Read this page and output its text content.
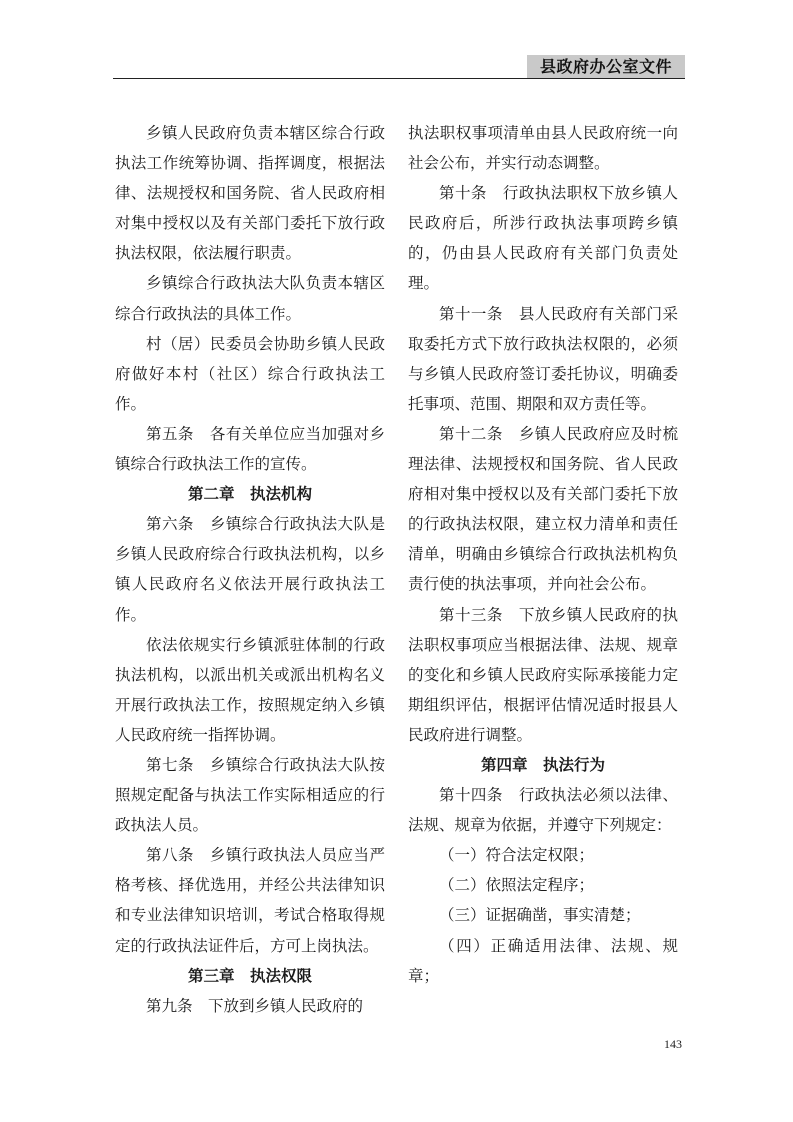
县政府办公室文件

乡镇人民政府负责本辖区综合行政执法工作统筹协调、指挥调度，根据法律、法规授权和国务院、省人民政府相对集中授权以及有关部门委托下放行政执法权限，依法履行职责。

乡镇综合行政执法大队负责本辖区综合行政执法的具体工作。

村（居）民委员会协助乡镇人民政府做好本村（社区）综合行政执法工作。

第五条　各有关单位应当加强对乡镇综合行政执法工作的宣传。

第二章　执法机构

第六条　乡镇综合行政执法大队是乡镇人民政府综合行政执法机构，以乡镇人民政府名义依法开展行政执法工作。

依法依规实行乡镇派驻体制的行政执法机构，以派出机关或派出机构名义开展行政执法工作，按照规定纳入乡镇人民政府统一指挥协调。

第七条　乡镇综合行政执法大队按照规定配备与执法工作实际相适应的行政执法人员。

第八条　乡镇行政执法人员应当严格考核、择优选用，并经公共法律知识和专业法律知识培训，考试合格取得规定的行政执法证件后，方可上岗执法。

第三章　执法权限

第九条　下放到乡镇人民政府的

执法职权事项清单由县人民政府统一向社会公布，并实行动态调整。

第十条　行政执法职权下放乡镇人民政府后，所涉行政执法事项跨乡镇的，仍由县人民政府有关部门负责处理。

第十一条　县人民政府有关部门采取委托方式下放行政执法权限的，必须与乡镇人民政府签订委托协议，明确委托事项、范围、期限和双方责任等。

第十二条　乡镇人民政府应及时梳理法律、法规授权和国务院、省人民政府相对集中授权以及有关部门委托下放的行政执法权限，建立权力清单和责任清单，明确由乡镇综合行政执法机构负责行使的执法事项，并向社会公布。

第十三条　下放乡镇人民政府的执法职权事项应当根据法律、法规、规章的变化和乡镇人民政府实际承接能力定期组织评估，根据评估情况适时报县人民政府进行调整。

第四章　执法行为

第十四条　行政执法必须以法律、法规、规章为依据，并遵守下列规定：

（一）符合法定权限；

（二）依照法定程序；

（三）证据确凿，事实清楚；

（四）正确适用法律、法规、规章；

143
